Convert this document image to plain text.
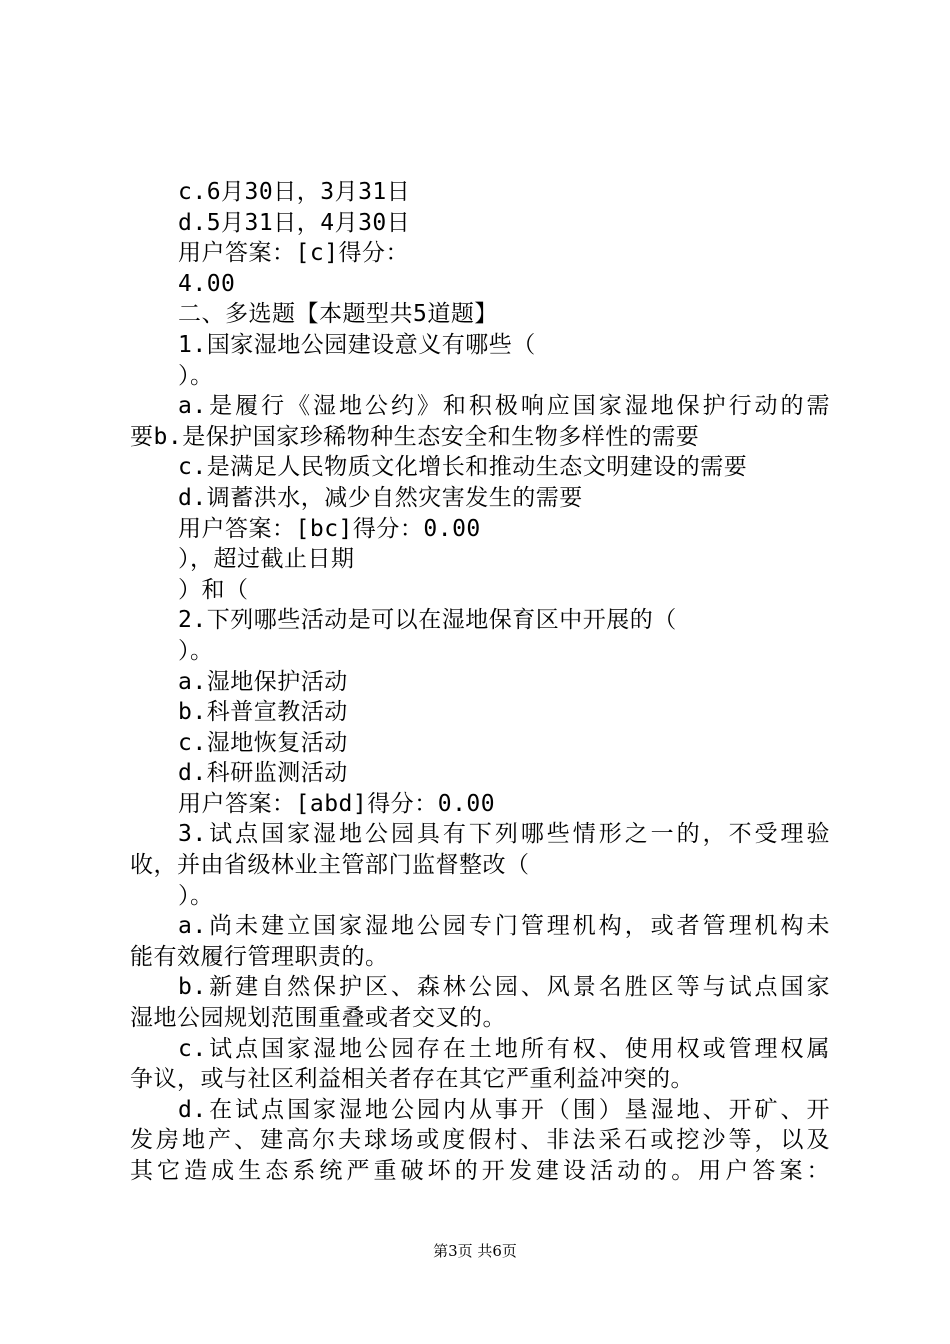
c.6月30日，3月31日
d.5月31日，4月30日
用户答案：[c]得分：
4.00
二、多选题【本题型共5道题】
1.国家湿地公园建设意义有哪些（
）。
a.是履行《湿地公约》和积极响应国家湿地保护行动的需
要b.是保护国家珍稀物种生态安全和生物多样性的需要
c.是满足人民物质文化增长和推动生态文明建设的需要
d.调蓄洪水，减少自然灾害发生的需要
用户答案：[bc]得分：0.00
），超过截止日期
）和（
2.下列哪些活动是可以在湿地保育区中开展的（
）。
a.湿地保护活动
b.科普宣教活动
c.湿地恢复活动
d.科研监测活动
用户答案：[abd]得分：0.00
3.试点国家湿地公园具有下列哪些情形之一的，不受理验
收，并由省级林业主管部门监督整改（
）。
a.尚未建立国家湿地公园专门管理机构，或者管理机构未
能有效履行管理职责的。
b.新建自然保护区、森林公园、风景名胜区等与试点国家
湿地公园规划范围重叠或者交叉的。
c.试点国家湿地公园存在土地所有权、使用权或管理权属
争议，或与社区利益相关者存在其它严重利益冲突的。
d.在试点国家湿地公园内从事开（围）垦湿地、开矿、开
发房地产、建高尔夫球场或度假村、非法采石或挖沙等，以及
其它造成生态系统严重破坏的开发建设活动的。用户答案：
第3页 共6页
